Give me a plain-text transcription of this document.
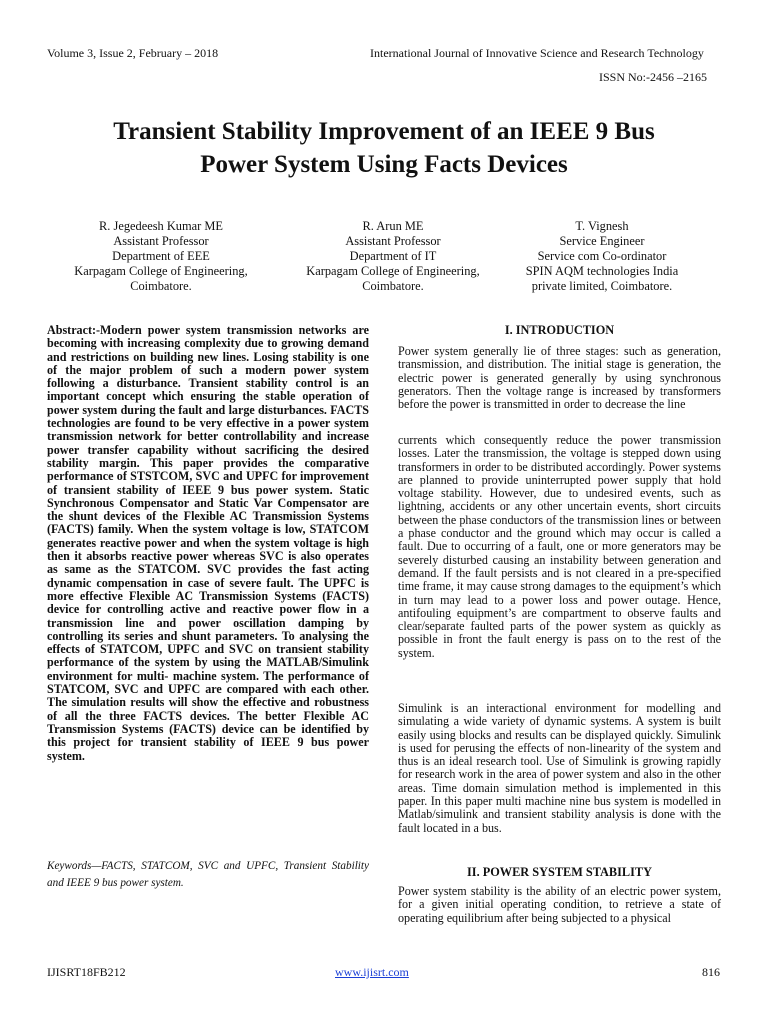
Volume 3, Issue 2, February – 2018	International Journal of Innovative Science and Research Technology
ISSN No:-2456 –2165
Transient Stability Improvement of an IEEE 9 Bus
Power System Using Facts Devices
R. Jegedeesh Kumar ME
Assistant Professor
Department of EEE
Karpagam College of Engineering,
Coimbatore.
R. Arun ME
Assistant Professor
Department of IT
Karpagam College of Engineering,
Coimbatore.
T. Vignesh
Service Engineer
Service com Co-ordinator
SPIN AQM technologies India
private limited, Coimbatore.

Abstract:-Modern power system transmission networks are becoming with increasing complexity due to growing demand and restrictions on building new lines. Losing stability is one of the major problem of such a modern power system following a disturbance. Transient stability control is an important concept which ensuring the stable operation of power system during the fault and large disturbances. FACTS technologies are found to be very effective in a power system transmission network for better controllability and increase power transfer capability without sacrificing the desired stability margin. This paper provides the comparative performance of STSTCOM, SVC and UPFC for improvement of transient stability of IEEE 9 bus power system. Static Synchronous Compensator and Static Var Compensator are the shunt devices of the Flexible AC Transmission Systems (FACTS) family. When the system voltage is low, STATCOM generates reactive power and when the system voltage is high then it absorbs reactive power whereas SVC is also operates as same as the STATCOM. SVC provides the fast acting dynamic compensation in case of severe fault. The UPFC is more effective Flexible AC Transmission Systems (FACTS) device for controlling active and reactive power flow in a transmission line and power oscillation damping by controlling its series and shunt parameters. To analysing the effects of STATCOM, UPFC and SVC on transient stability performance of the system by using the MATLAB/Simulink environment for multi- machine system. The performance of STATCOM, SVC and UPFC are compared with each other. The simulation results will show the effective and robustness of all the three FACTS devices. The better Flexible AC Transmission Systems (FACTS) device can be identified by this project for transient stability of IEEE 9 bus power system.

Keywords—FACTS, STATCOM, SVC and UPFC, Transient Stability and IEEE 9 bus power system.

I. INTRODUCTION

Power system generally lie of three stages: such as generation, transmission, and distribution. The initial stage is generation, the electric power is generated generally by using synchronous generators. Then the voltage range is increased by transformers before the power is transmitted in order to decrease the line

currents which consequently reduce the power transmission losses. Later the transmission, the voltage is stepped down using transformers in order to be distributed accordingly. Power systems are planned to provide uninterrupted power supply that hold voltage stability. However, due to undesired events, such as lightning, accidents or any other uncertain events, short circuits between the phase conductors of the transmission lines or between a phase conductor and the ground which may occur is called a fault. Due to occurring of a fault, one or more generators may be severely disturbed causing an instability between generation and demand. If the fault persists and is not cleared in a pre-specified time frame, it may cause strong damages to the equipment’s which in turn may lead to a power loss and power outage. Hence, antifouling equipment’s are compartment to observe faults and clear/separate faulted parts of the power system as quickly as possible in front the fault energy is pass on to the rest of the system.

Simulink is an interactional environment for modelling and simulating a wide variety of dynamic systems. A system is built easily using blocks and results can be displayed quickly. Simulink is used for perusing the effects of non-linearity of the system and thus is an ideal research tool. Use of Simulink is growing rapidly for research work in the area of power system and also in the other areas. Time domain simulation method is implemented in this paper. In this paper multi machine nine bus system is modelled in Matlab/simulink and transient stability analysis is done with the fault located in a bus.

II. POWER SYSTEM STABILITY

Power system stability is the ability of an electric power system, for a given initial operating condition, to retrieve a state of operating equilibrium after being subjected to a physical

IJISRT18FB212	www.ijisrt.com	816
